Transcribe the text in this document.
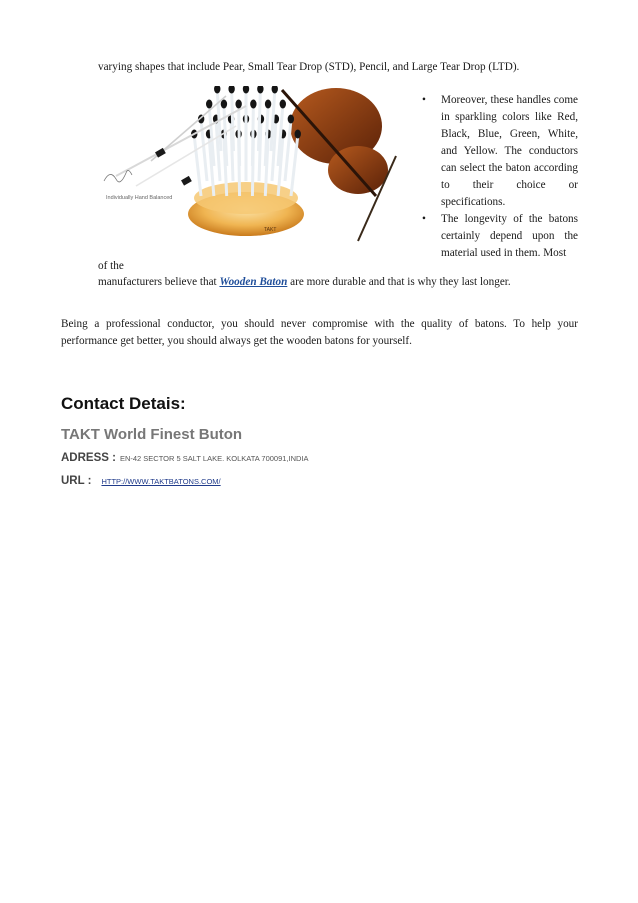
varying shapes that include Pear, Small Tear Drop (STD), Pencil, and Large Tear Drop (LTD).
TAKT
Individually Hand Balanced
• Moreover, these handles come in sparkling colors like Red, Black, Blue, Green, White, and Yellow. The conductors can select the baton according to their choice or specifications.
• The longevity of the batons certainly depend upon the material used in them. Most
of the
manufacturers believe that Wooden Baton are more durable and that is why they last longer.
Being a professional conductor, you should never compromise with the quality of batons. To help your performance get better, you should always get the wooden batons for yourself.
Contact Detais:
TAKT World Finest Buton
ADRESS : EN-42 SECTOR 5 SALT LAKE. KOLKATA 700091,INDIA
URL : HTTP://WWW.TAKTBATONS.COM/
